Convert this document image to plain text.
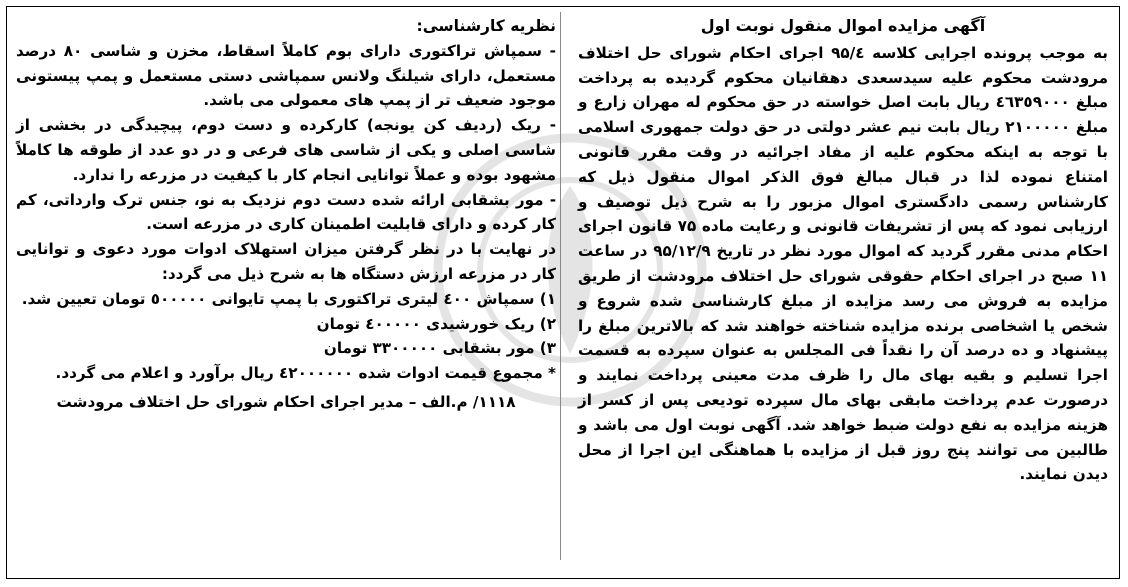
آگهی مزایده اموال منقول نوبت اول

به موجب پرونده اجرایی کلاسه ۹۵/٤ اجرای احکام شورای حل اختلاف مرودشت محکوم علیه سیدسعدی دهقانیان محکوم گردیده به پرداخت مبلغ ٤٦٣٥٩٠٠٠ ریال بابت اصل خواسته در حق محکوم له مهران زارع و مبلغ ۲۱۰۰۰۰۰ ریال بابت نیم عشر دولتی در حق دولت جمهوری اسلامی با توجه به اینکه محکوم علیه از مفاد اجرائیه در وقت مقرر قانونی امتناع نموده لذا در قبال مبالغ فوق الذکر اموال منقول ذیل که کارشناس رسمی دادگستری اموال مزبور را به شرح ذیل توصیف و ارزیابی نمود که پس از تشریفات قانونی و رعایت ماده ۷۵ قانون اجرای احکام مدنی مقرر گردید که اموال مورد نظر در تاریخ ۹۵/۱۲/۹ در ساعت ۱۱ صبح در اجرای احکام حقوقی شورای حل اختلاف مرودشت از طریق مزایده به فروش می رسد مزایده از مبلغ کارشناسی شده شروع و شخص یا اشخاصی برنده مزایده شناخته خواهند شد که بالاترین مبلغ را پیشنهاد و ده درصد آن را نقداً فی المجلس به عنوان سپرده به قسمت اجرا تسلیم و بقیه بهای مال را ظرف مدت معینی پرداخت نمایند و درصورت عدم پرداخت مابقی بهای مال سپرده تودیعی پس از کسر از هزینه مزایده به نفع دولت ضبط خواهد شد. آگهی نوبت اول می باشد و طالبین می توانند پنج روز قبل از مزایده با هماهنگی این اجرا از محل دیدن نمایند.

نظریه کارشناسی:

- سمپاش تراکتوری دارای بوم کاملاً اسقاط، مخزن و شاسی ۸۰ درصد مستعمل، دارای شیلنگ ولانس سمپاشی دستی مستعمل و پمپ پیستونی موجود ضعیف تر از پمپ های معمولی می باشد.

- ریک (ردیف کن یونجه) کارکرده و دست دوم، پیچیدگی در بخشی از شاسی اصلی و یکی از شاسی های فرعی و در دو عدد از طوقه ها کاملاً مشهود بوده و عملاً توانایی انجام کار با کیفیت در مزرعه را ندارد.

- مور بشقابی ارائه شده دست دوم نزدیک به نو، جنس ترک وارداتی، کم کار کرده و دارای قابلیت اطمینان کاری در مزرعه است.

در نهایت با در نظر گرفتن میزان استهلاک ادوات مورد دعوی و توانایی کار در مزرعه ارزش دستگاه ها به شرح ذیل می گردد:

۱) سمپاش ٤٠٠ لیتری تراکتوری با پمپ تایوانی ٥٠٠٠٠٠ تومان تعیین شد.

۲) ریک خورشیدی ٤٠٠٠٠٠ تومان

۳) مور بشقابی ۳۳۰۰۰۰۰ تومان

* مجموع قیمت ادوات شده ٤۲۰۰۰۰۰۰ ریال برآورد و اعلام می گردد.

۱۱۱۸/ م.الف – مدیر اجرای احکام شورای حل اختلاف مرودشت
